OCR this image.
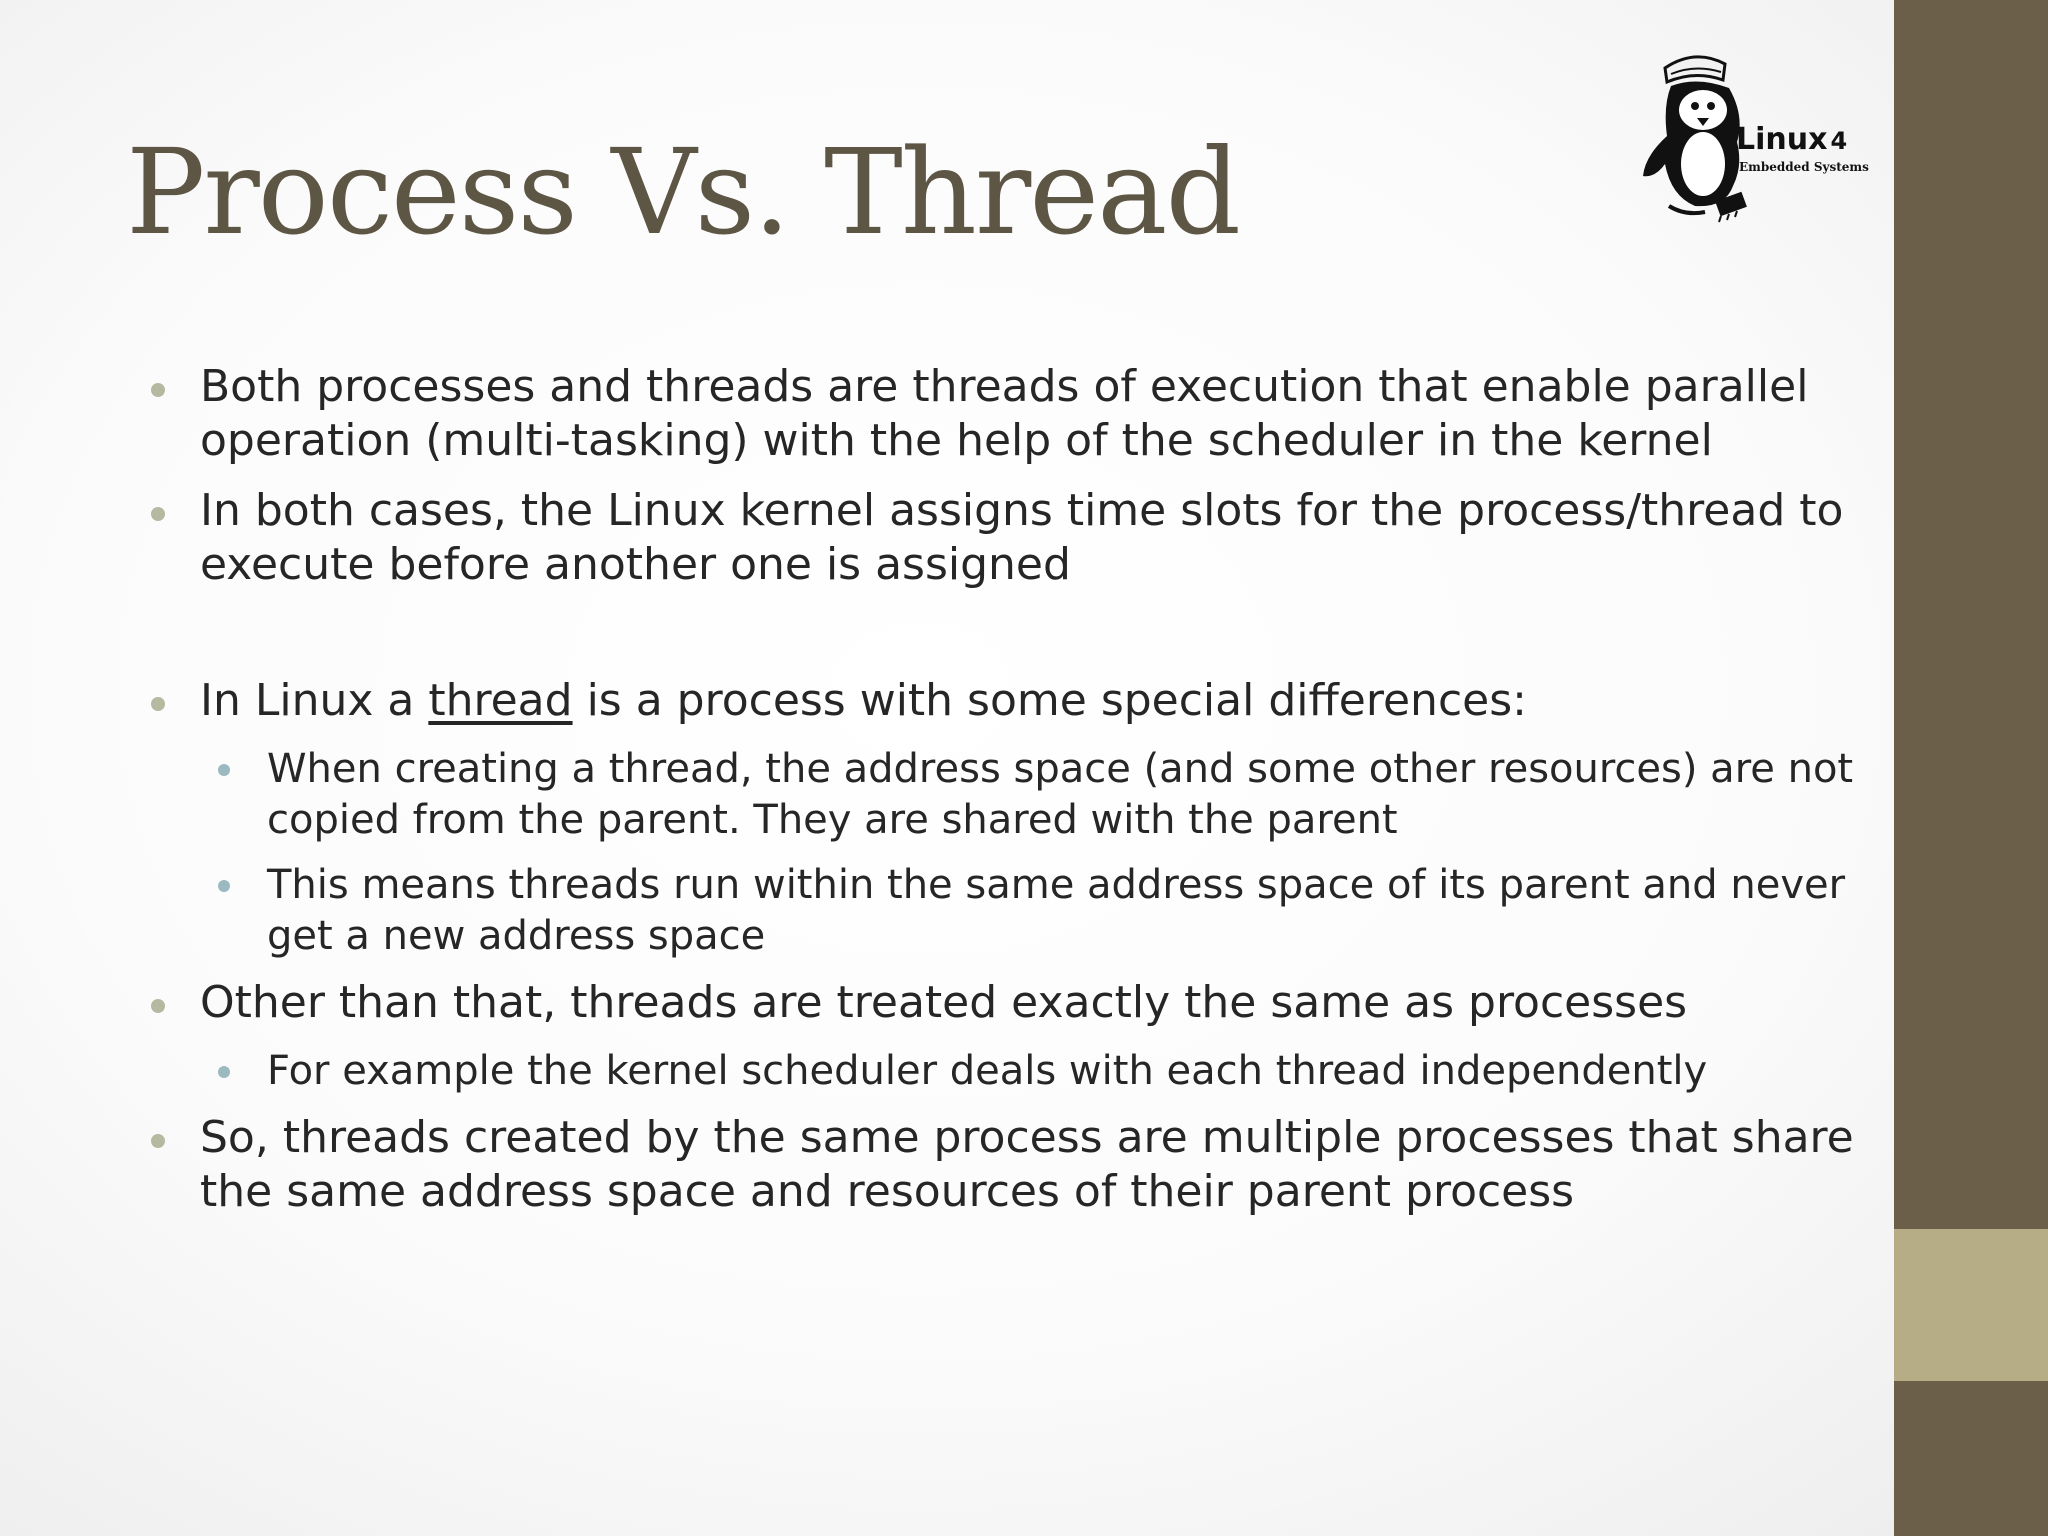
Process Vs. Thread	Linux 4
Embedded Systems
Both processes and threads are threads of execution that enable parallel operation (multi-tasking) with the help of the scheduler in the kernel
In both cases, the Linux kernel assigns time slots for the process/thread to execute before another one is assigned
In Linux a thread is a process with some special differences:
When creating a thread, the address space (and some other resources) are not copied from the parent. They are shared with the parent
This means threads run within the same address space of its parent and never get a new address space
Other than that, threads are treated exactly the same as processes
For example the kernel scheduler deals with each thread independently
So, threads created by the same process are multiple processes that share the same address space and resources of their parent process
